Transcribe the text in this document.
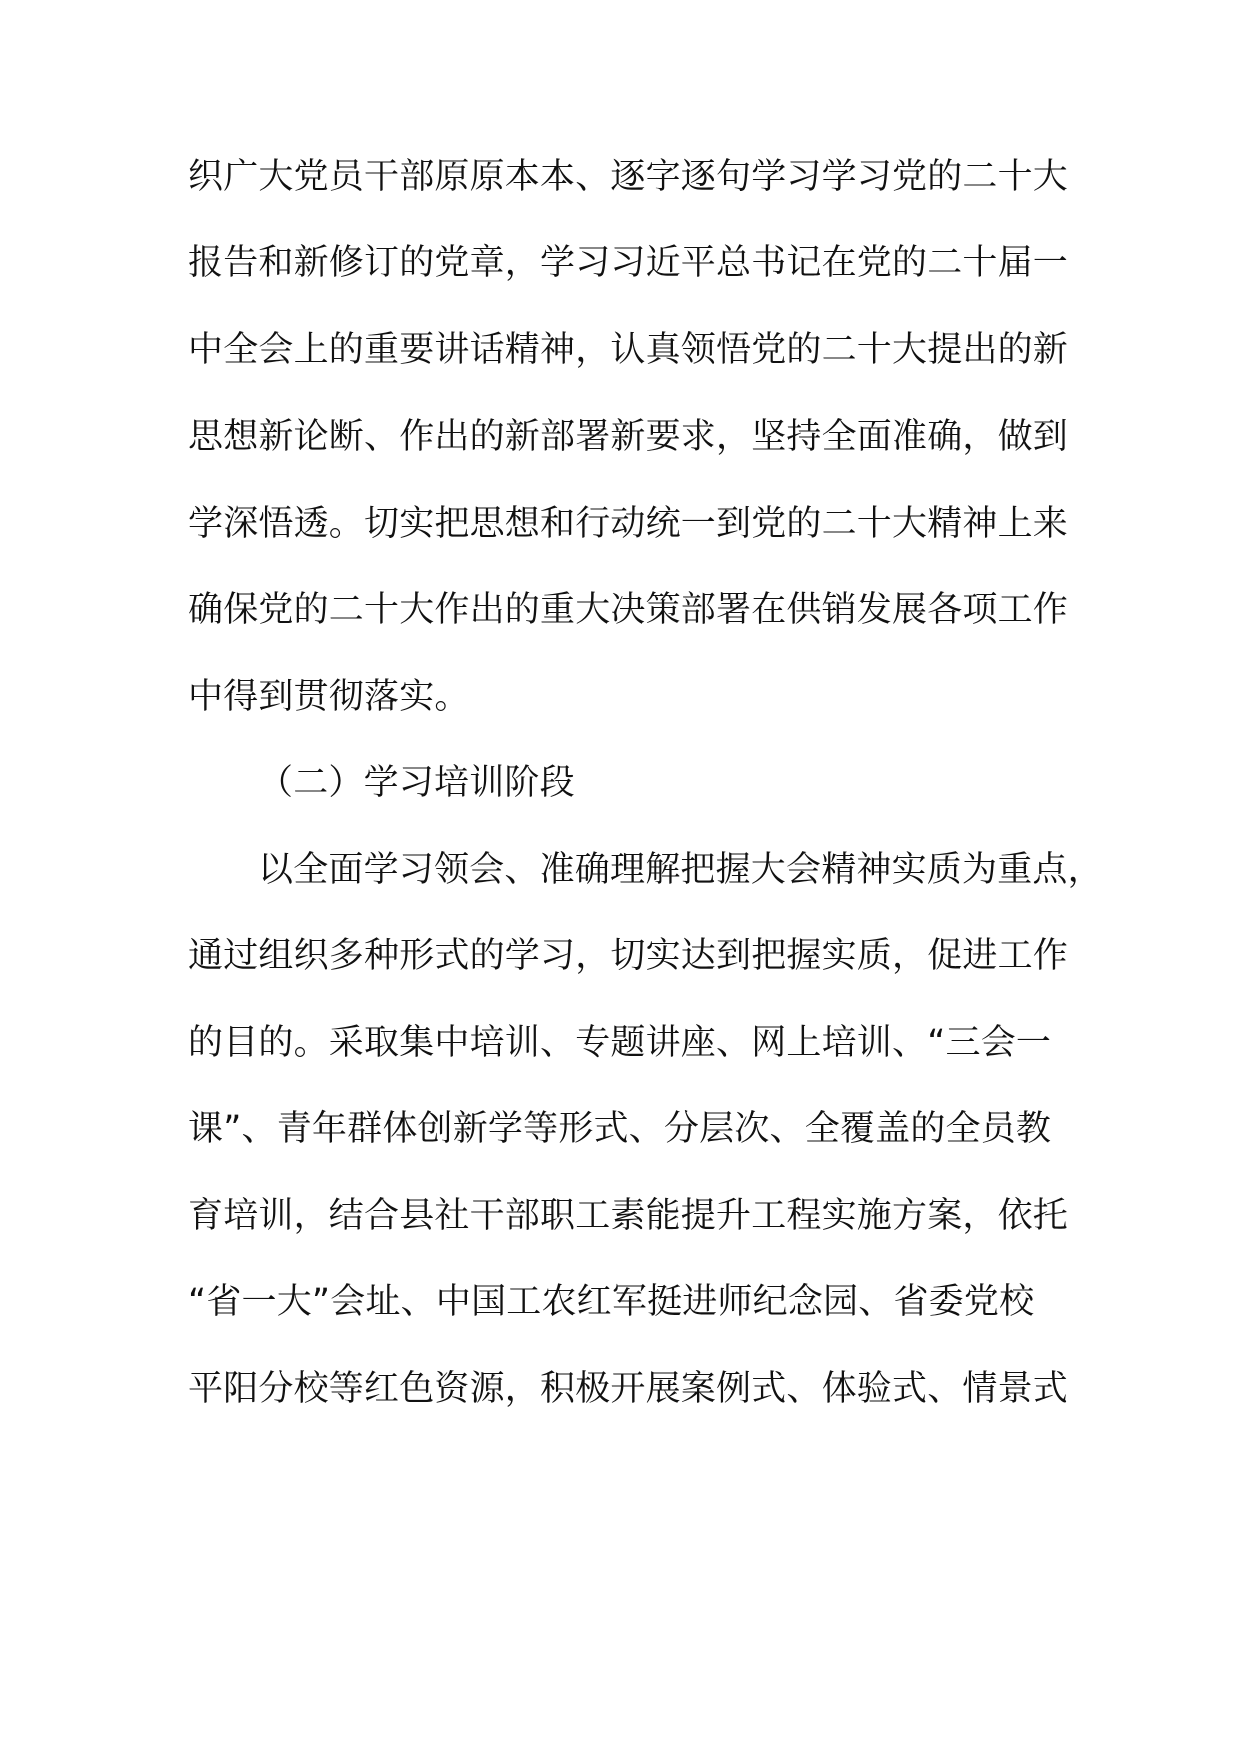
织广大党员干部原原本本、逐字逐句学习学习党的二十大
报告和新修订的党章，学习习近平总书记在党的二十届一
中全会上的重要讲话精神，认真领悟党的二十大提出的新
思想新论断、作出的新部署新要求，坚持全面准确，做到
学深悟透。切实把思想和行动统一到党的二十大精神上来
确保党的二十大作出的重大决策部署在供销发展各项工作
中得到贯彻落实。
（二）学习培训阶段
以全面学习领会、准确理解把握大会精神实质为重点，
通过组织多种形式的学习，切实达到把握实质，促进工作
的目的。采取集中培训、专题讲座、网上培训、“三会一
课”、青年群体创新学等形式、分层次、全覆盖的全员教
育培训，结合县社干部职工素能提升工程实施方案，依托
“省一大”会址、中国工农红军挺进师纪念园、省委党校
平阳分校等红色资源，积极开展案例式、体验式、情景式
